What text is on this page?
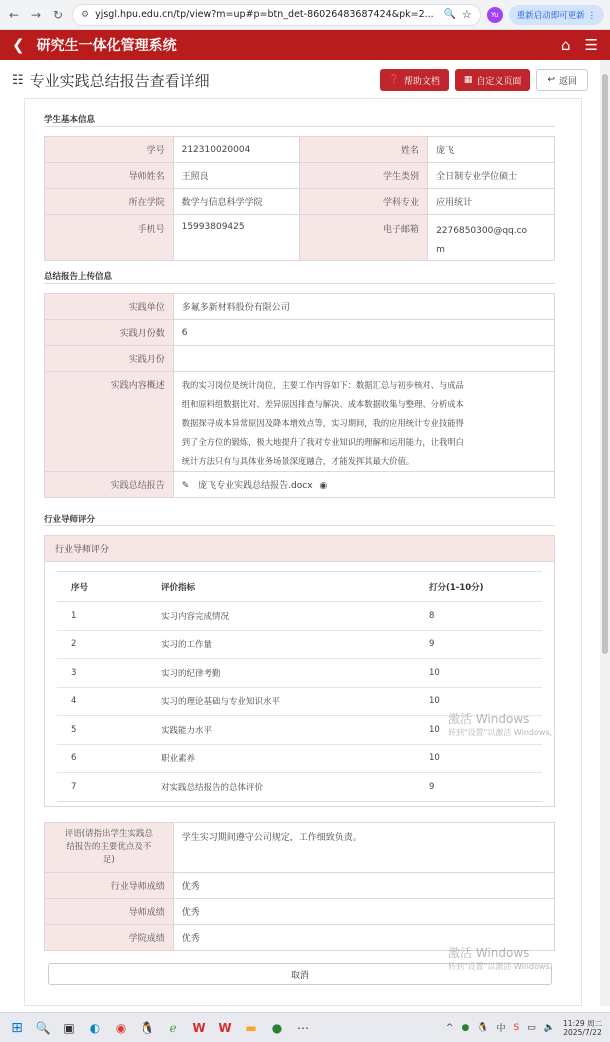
← → ↻	⚙ yjsgl.hpu.edu.cn/tp/view?m=up#p=btn_det-86026483687424&pk=2... 🔍 ☆	Yu	重新启动即可更新 ⋮
❮ 研究生一体化管理系统	⌂ ☰
☷ 专业实践总结报告查看详细	❓ 帮助文档	▦ 自定义页面	↩ 返回
学生基本信息
学号	212310020004	姓名	庞飞
导师姓名	王照良	学生类别	全日制专业学位硕士
所在学院	数学与信息科学学院	学科专业	应用统计
手机号	15993809425	电子邮箱	2276850300@qq.co
m
总结报告上传信息
实践单位	多氟多新材料股份有限公司
实践月份数	6
实践月份	
实践内容概述	我的实习岗位是统计岗位，主要工作内容如下：数据汇总与初步核对、与成品
组和原料组数据比对、差异原因排查与解决、成本数据收集与整理、分析成本
数据探寻成本异常原因及降本增效点等，实习期间，我的应用统计专业技能得
到了全方位的锻炼，极大地提升了我对专业知识的理解和运用能力，让我明白
统计方法只有与具体业务场景深度融合，才能发挥其最大价值。

实践总结报告	✎ 庞飞专业实践总结报告.docx ◉
行业导师评分
行业导师评分
序号	评价指标	打分(1-10分)
1	实习内容完成情况	8
2	实习的工作量	9
3	实习的纪律考勤	10
4	实习的理论基础与专业知识水平	10
5	实践能力水平	10
6	职业素养	10
7	对实践总结报告的总体评价	9
评语(请指出学生实践总
结报告的主要优点及不
足)	学生实习期间遵守公司规定，工作细致负责。
行业导师成绩	优秀
导师成绩	优秀
学院成绩	优秀
取消
激活 Windows
转到"设置"以激活 Windows。
激活 Windows
转到"设置"以激活 Windows。
⊞ 🔍 ▣	◐	◉	🐧	ℯ	W W ▬	●	⋯	^ ● 🐧 中 S ▭ 🔈 11:29 周二
2025/7/22
